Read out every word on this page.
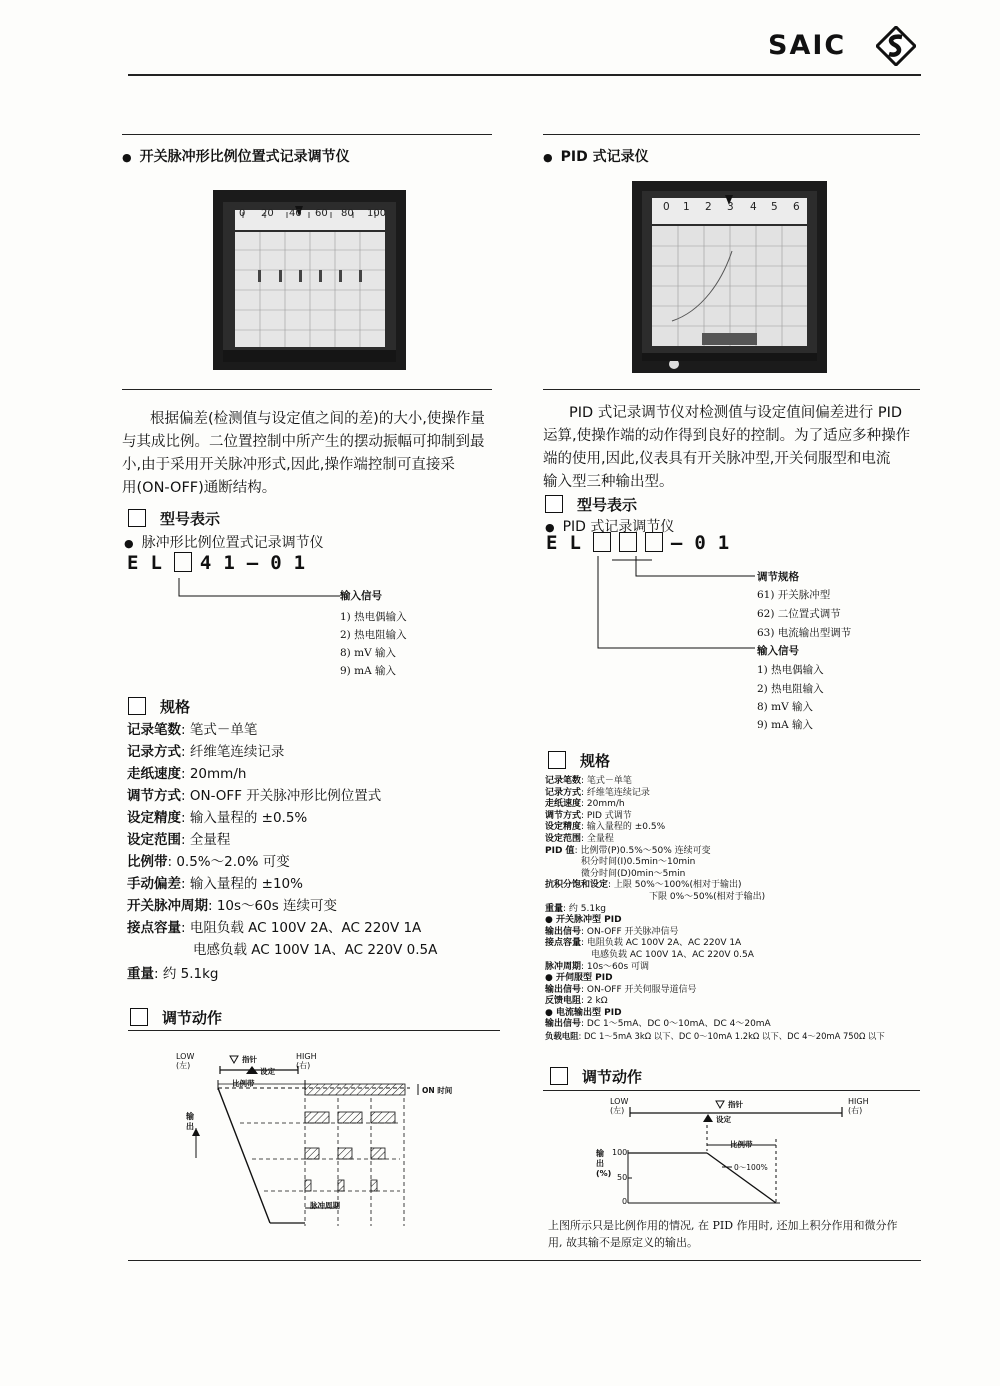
SAIC
● 开关脉冲形比例位置式记录调节仪
0 20 40 60 80 100
根据偏差(检测值与设定值之间的差)的大小,使操作量
与其成比例。二位置控制中所产生的摆动振幅可抑制到最
小,由于采用开关脉冲形式,因此,操作端控制可直接采
用(ON-OFF)通断结构。
型号表示
● 脉冲形比例位置式记录调节仪
EL 41—01
输入信号
1) 热电偶输入
2) 热电阻输入
8) mV 输入
9) mA 输入
规格
记录笔数: 笔式－单笔
记录方式: 纤维笔连续记录
走纸速度: 20mm/h
调节方式: ON-OFF 开关脉冲形比例位置式
设定精度: 输入量程的 ±0.5%
设定范围: 全量程
比例带: 0.5%～2.0% 可变
手动偏差: 输入量程的 ±10%
开关脉冲周期: 10s～60s 连续可变
接点容量: 电阻负载 AC 100V 2A、AC 220V 1A
电感负载 AC 100V 1A、AC 220V 0.5A
重量: 约 5.1kg
调节动作
LOW
(左)
HIGH
(右)
指针
设定
比例带
ON 时间
输出
脉冲周期
● PID 式记录仪
0 1 2 3 4 5 6
PID 式记录调节仪对检测值与设定值间偏差进行 PID
运算,使操作端的动作得到良好的控制。为了适应多种操作
端的使用,因此,仪表具有开关脉冲型,开关伺服型和电流
输入型三种输出型。
型号表示
● PID 式记录调节仪
EL	—01
调节规格
61) 开关脉冲型
62) 二位置式调节
63) 电流输出型调节
输入信号
1) 热电偶输入
2) 热电阻输入
8) mV 输入
9) mA 输入
规格
记录笔数: 笔式－单笔
记录方式: 纤维笔连续记录
走纸速度: 20mm/h
调节方式: PID 式调节
设定精度: 输入量程的 ±0.5%
设定范围: 全量程
PID 值: 比例带(P)0.5%～50% 连续可变
积分时间(I)0.5min～10min
微分时间(D)0min～5min
抗积分饱和设定: 上限 50%～100%(相对于输出)
下限 0%～50%(相对于输出)
重量: 约 5.1kg
● 开关脉冲型 PID
输出信号: ON-OFF 开关脉冲信号
接点容量: 电阻负载 AC 100V 2A、AC 220V 1A
电感负载 AC 100V 1A、AC 220V 0.5A
脉冲周期: 10s～60s 可调
● 开伺服型 PID
输出信号: ON-OFF 开关伺服导道信号
反馈电阻: 2 kΩ
● 电流输出型 PID
输出信号: DC 1～5mA、DC 0～10mA、DC 4～20mA
负载电阻: DC 1～5mA 3kΩ 以下、DC 0～10mA 1.2kΩ 以下、DC 4～20mA 750Ω 以下
调节动作
LOW
(左)
HIGH
(右)
指针
设定
比例带
0～100%
输出
(%)
100
50
0
上图所示只是比例作用的情况, 在 PID 作用时, 还加上积分作用和微分作
用, 故其输不是原定义的输出。
